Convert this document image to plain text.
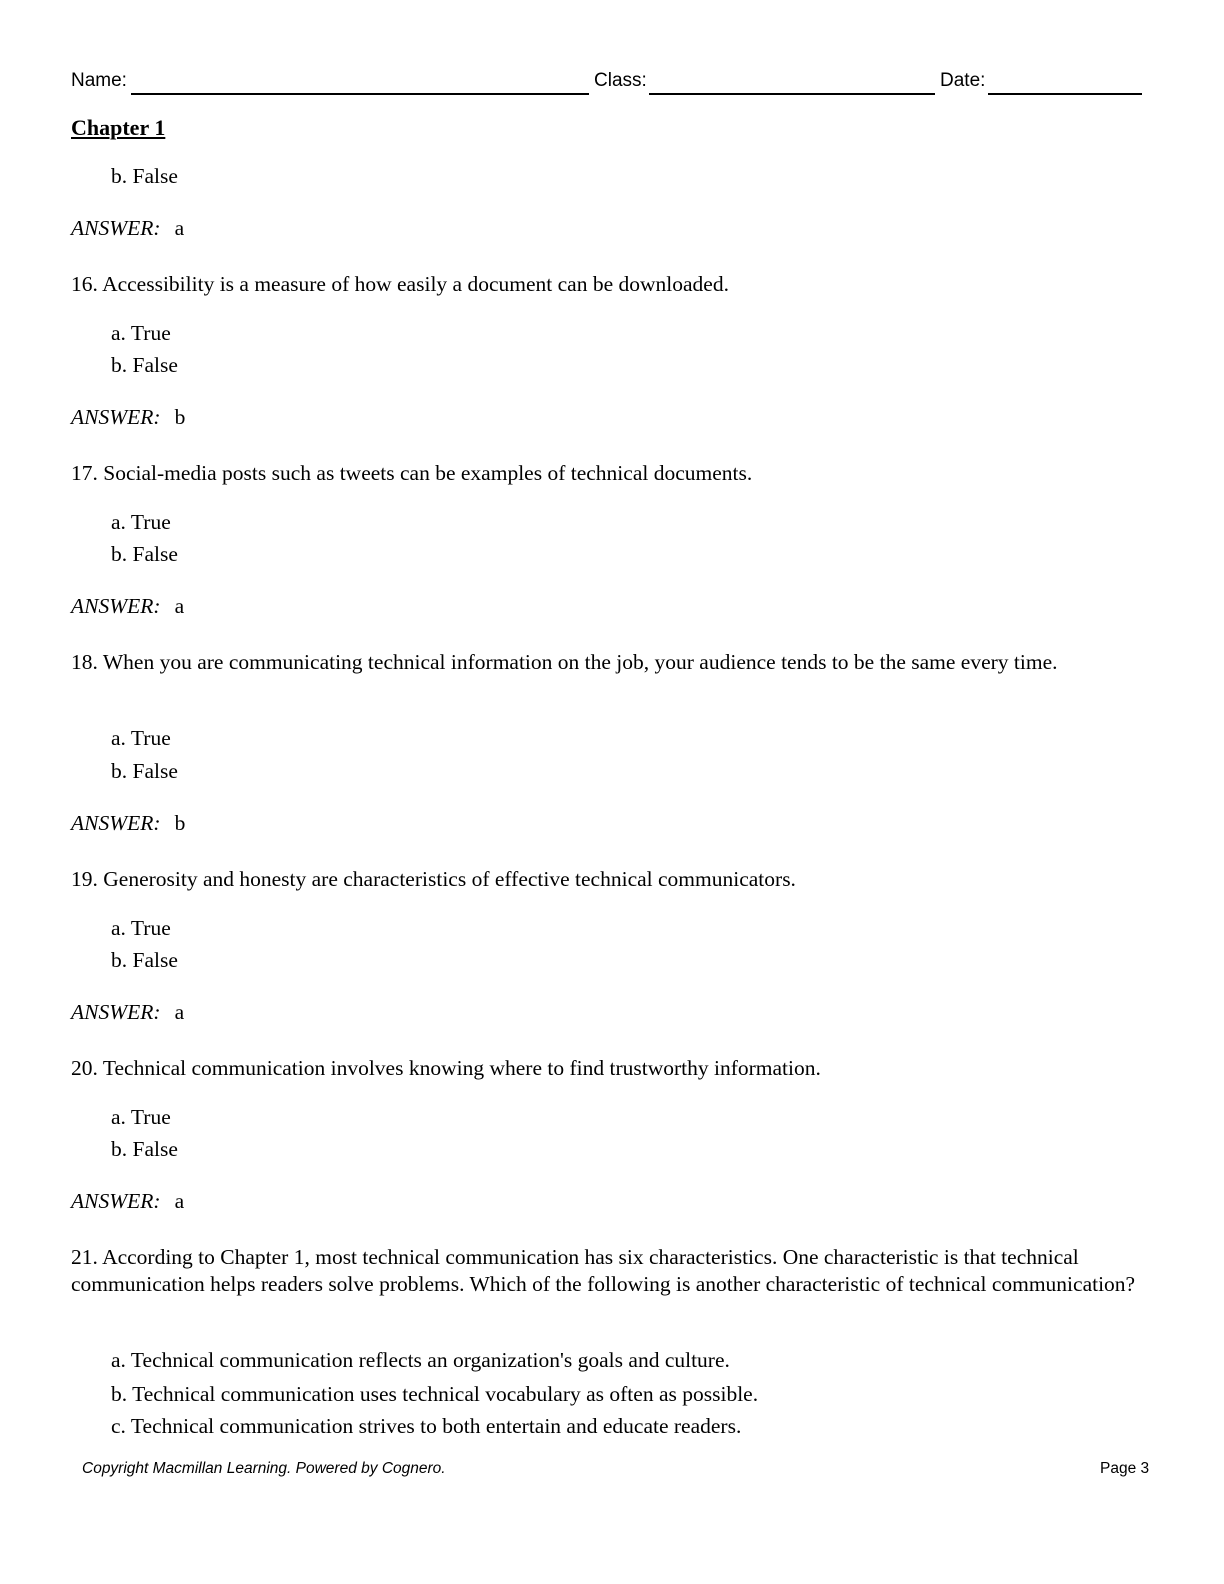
Name:	Class:	Date:
Chapter 1
b. False
ANSWER: a
16. Accessibility is a measure of how easily a document can be downloaded.
a. True
b. False
ANSWER: b
17. Social-media posts such as tweets can be examples of technical documents.
a. True
b. False
ANSWER: a
18. When you are communicating technical information on the job, your audience tends to be the same every time.
a. True
b. False
ANSWER: b
19. Generosity and honesty are characteristics of effective technical communicators.
a. True
b. False
ANSWER: a
20. Technical communication involves knowing where to find trustworthy information.
a. True
b. False
ANSWER: a
21. According to Chapter 1, most technical communication has six characteristics. One characteristic is that technical communication helps readers solve problems. Which of the following is another characteristic of technical communication?
a. Technical communication reflects an organization's goals and culture.
b. Technical communication uses technical vocabulary as often as possible.
c. Technical communication strives to both entertain and educate readers.
Copyright Macmillan Learning. Powered by Cognero.	Page 3
